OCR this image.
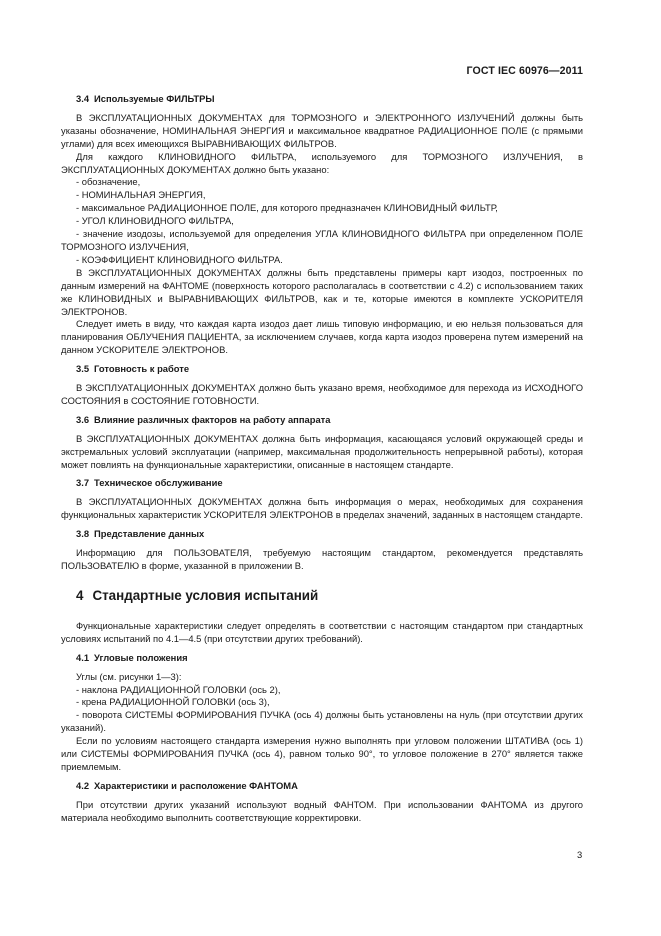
ГОСТ IEC 60976—2011
3.4 Используемые ФИЛЬТРЫ

В ЭКСПЛУАТАЦИОННЫХ ДОКУМЕНТАХ для ТОРМОЗНОГО и ЭЛЕКТРОННОГО ИЗЛУЧЕНИЙ должны быть указаны обозначение, НОМИНАЛЬНАЯ ЭНЕРГИЯ и максимальное квадратное РАДИАЦИОННОЕ ПОЛЕ (с прямыми углами) для всех имеющихся ВЫРАВНИВАЮЩИХ ФИЛЬТРОВ.

Для каждого КЛИНОВИДНОГО ФИЛЬТРА, используемого для ТОРМОЗНОГО ИЗЛУЧЕНИЯ, в ЭКСПЛУАТАЦИОННЫХ ДОКУМЕНТАХ должно быть указано:

- обозначение,

- НОМИНАЛЬНАЯ ЭНЕРГИЯ,

- максимальное РАДИАЦИОННОЕ ПОЛЕ, для которого предназначен КЛИНОВИДНЫЙ ФИЛЬТР,

- УГОЛ КЛИНОВИДНОГО ФИЛЬТРА,

- значение изодозы, используемой для определения УГЛА КЛИНОВИДНОГО ФИЛЬТРА при определенном ПОЛЕ ТОРМОЗНОГО ИЗЛУЧЕНИЯ,

- КОЭФФИЦИЕНТ КЛИНОВИДНОГО ФИЛЬТРА.

В ЭКСПЛУАТАЦИОННЫХ ДОКУМЕНТАХ должны быть представлены примеры карт изодоз, построенных по данным измерений на ФАНТОМЕ (поверхность которого располагалась в соответствии с 4.2) с использованием таких же КЛИНОВИДНЫХ и ВЫРАВНИВАЮЩИХ ФИЛЬТРОВ, как и те, которые имеются в комплекте УСКОРИТЕЛЯ ЭЛЕКТРОНОВ.

Следует иметь в виду, что каждая карта изодоз дает лишь типовую информацию, и ею нельзя пользоваться для планирования ОБЛУЧЕНИЯ ПАЦИЕНТА, за исключением случаев, когда карта изодоз проверена путем измерений на данном УСКОРИТЕЛЕ ЭЛЕКТРОНОВ.

3.5 Готовность к работе

В ЭКСПЛУАТАЦИОННЫХ ДОКУМЕНТАХ должно быть указано время, необходимое для перехода из ИСХОДНОГО СОСТОЯНИЯ в СОСТОЯНИЕ ГОТОВНОСТИ.

3.6 Влияние различных факторов на работу аппарата

В ЭКСПЛУАТАЦИОННЫХ ДОКУМЕНТАХ должна быть информация, касающаяся условий окружающей среды и экстремальных условий эксплуатации (например, максимальная продолжительность непрерывной работы), которая может повлиять на функциональные характеристики, описанные в настоящем стандарте.

3.7 Техническое обслуживание

В ЭКСПЛУАТАЦИОННЫХ ДОКУМЕНТАХ должна быть информация о мерах, необходимых для сохранения функциональных характеристик УСКОРИТЕЛЯ ЭЛЕКТРОНОВ в пределах значений, заданных в настоящем стандарте.

3.8 Представление данных

Информацию для ПОЛЬЗОВАТЕЛЯ, требуемую настоящим стандартом, рекомендуется представлять ПОЛЬЗОВАТЕЛЮ в форме, указанной в приложении В.

4 Стандартные условия испытаний

Функциональные характеристики следует определять в соответствии с настоящим стандартом при стандартных условиях испытаний по 4.1—4.5 (при отсутствии других требований).

4.1 Угловые положения

Углы (см. рисунки 1—3):

- наклона РАДИАЦИОННОЙ ГОЛОВКИ (ось 2),

- крена РАДИАЦИОННОЙ ГОЛОВКИ (ось 3),

- поворота СИСТЕМЫ ФОРМИРОВАНИЯ ПУЧКА (ось 4) должны быть установлены на нуль (при отсутствии других указаний).

Если по условиям настоящего стандарта измерения нужно выполнять при угловом положении ШТАТИВА (ось 1) или СИСТЕМЫ ФОРМИРОВАНИЯ ПУЧКА (ось 4), равном только 90°, то угловое положение в 270° является также приемлемым.

4.2 Характеристики и расположение ФАНТОМА

При отсутствии других указаний используют водный ФАНТОМ. При использовании ФАНТОМА из другого материала необходимо выполнить соответствующие корректировки.

3
